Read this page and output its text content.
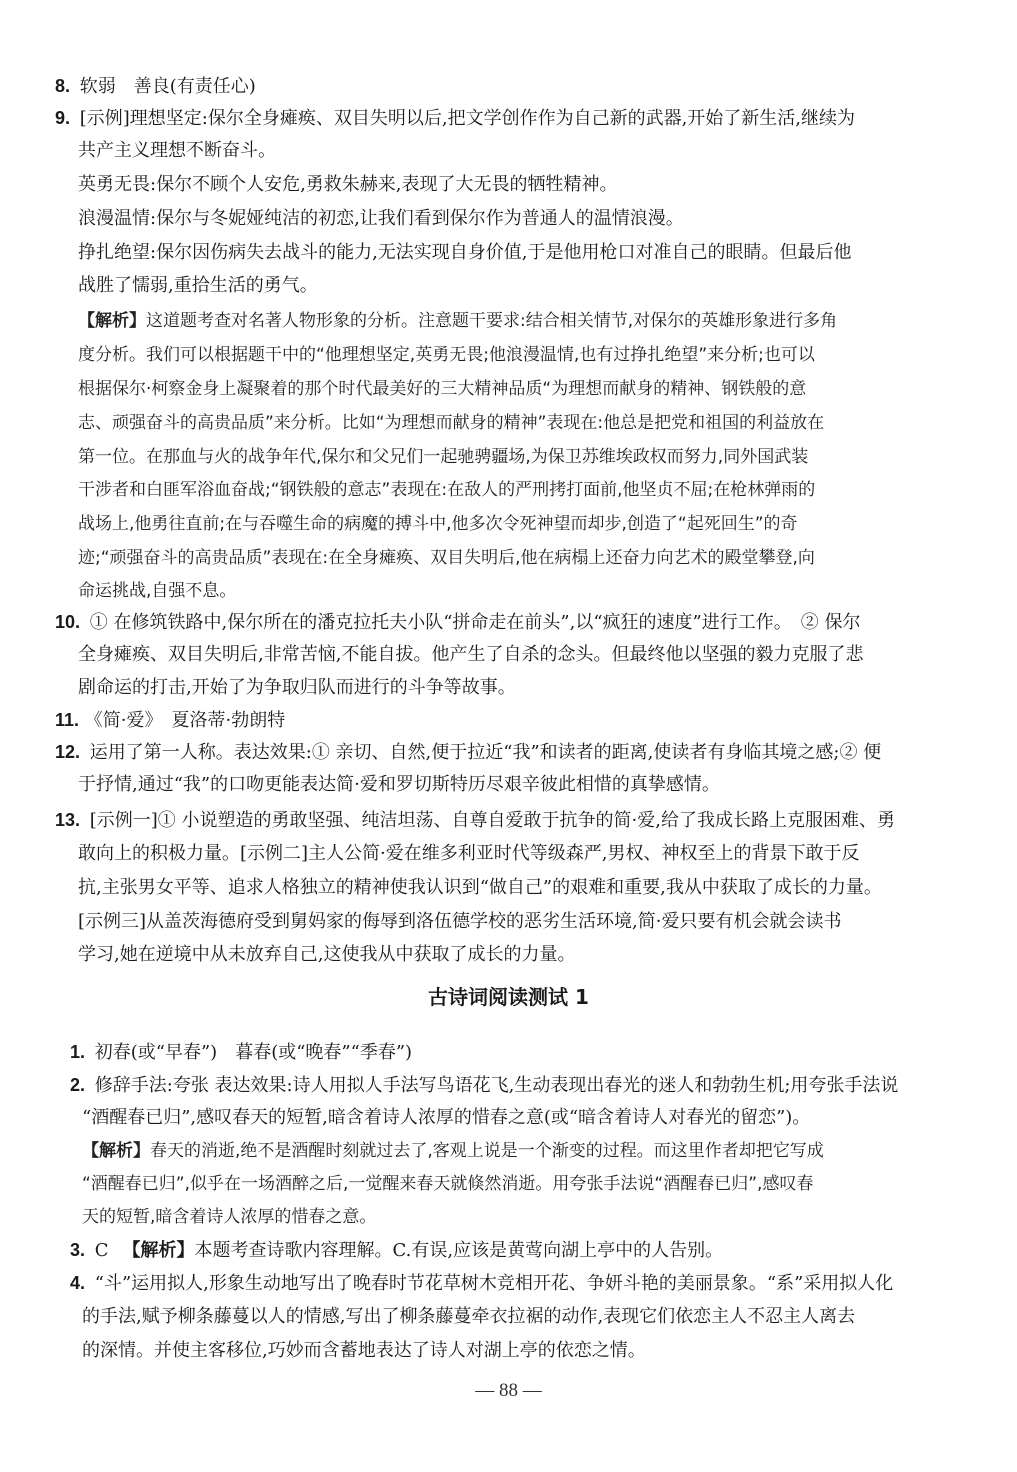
8. 软弱　善良(有责任心)
9. [示例]理想坚定:保尔全身瘫痪、双目失明以后,把文学创作作为自己新的武器,开始了新生活,继续为
共产主义理想不断奋斗。
英勇无畏:保尔不顾个人安危,勇救朱赫来,表现了大无畏的牺牲精神。
浪漫温情:保尔与冬妮娅纯洁的初恋,让我们看到保尔作为普通人的温情浪漫。
挣扎绝望:保尔因伤病失去战斗的能力,无法实现自身价值,于是他用枪口对准自己的眼睛。但最后他
战胜了懦弱,重拾生活的勇气。
【解析】这道题考查对名著人物形象的分析。注意题干要求:结合相关情节,对保尔的英雄形象进行多角
度分析。我们可以根据题干中的“他理想坚定,英勇无畏;他浪漫温情,也有过挣扎绝望”来分析;也可以
根据保尔·柯察金身上凝聚着的那个时代最美好的三大精神品质“为理想而献身的精神、钢铁般的意
志、顽强奋斗的高贵品质”来分析。比如“为理想而献身的精神”表现在:他总是把党和祖国的利益放在
第一位。在那血与火的战争年代,保尔和父兄们一起驰骋疆场,为保卫苏维埃政权而努力,同外国武装
干涉者和白匪军浴血奋战;“钢铁般的意志”表现在:在敌人的严刑拷打面前,他坚贞不屈;在枪林弹雨的
战场上,他勇往直前;在与吞噬生命的病魔的搏斗中,他多次令死神望而却步,创造了“起死回生”的奇
迹;“顽强奋斗的高贵品质”表现在:在全身瘫痪、双目失明后,他在病榻上还奋力向艺术的殿堂攀登,向
命运挑战,自强不息。
10. ① 在修筑铁路中,保尔所在的潘克拉托夫小队“拼命走在前头”,以“疯狂的速度”进行工作。　② 保尔
全身瘫痪、双目失明后,非常苦恼,不能自拔。他产生了自杀的念头。但最终他以坚强的毅力克服了悲
剧命运的打击,开始了为争取归队而进行的斗争等故事。
11. 《简·爱》　夏洛蒂·勃朗特
12. 运用了第一人称。表达效果:① 亲切、自然,便于拉近“我”和读者的距离,使读者有身临其境之感;② 便
于抒情,通过“我”的口吻更能表达简·爱和罗切斯特历尽艰辛彼此相惜的真挚感情。
13. [示例一]① 小说塑造的勇敢坚强、纯洁坦荡、自尊自爱敢于抗争的简·爱,给了我成长路上克服困难、勇
敢向上的积极力量。[示例二]主人公简·爱在维多利亚时代等级森严,男权、神权至上的背景下敢于反
抗,主张男女平等、追求人格独立的精神使我认识到“做自己”的艰难和重要,我从中获取了成长的力量。
[示例三]从盖茨海德府受到舅妈家的侮辱到洛伍德学校的恶劣生活环境,简·爱只要有机会就会读书
学习,她在逆境中从未放弃自己,这使我从中获取了成长的力量。
古诗词阅读测试 1
1. 初春(或“早春”)　暮春(或“晚春”“季春”)
2. 修辞手法:夸张 表达效果:诗人用拟人手法写鸟语花飞,生动表现出春光的迷人和勃勃生机;用夸张手法说
“酒醒春已归”,感叹春天的短暂,暗含着诗人浓厚的惜春之意(或“暗含着诗人对春光的留恋”)。
【解析】春天的消逝,绝不是酒醒时刻就过去了,客观上说是一个渐变的过程。而这里作者却把它写成
“酒醒春已归”,似乎在一场酒醉之后,一觉醒来春天就倏然消逝。用夸张手法说“酒醒春已归”,感叹春
天的短暂,暗含着诗人浓厚的惜春之意。
3. C 【解析】本题考查诗歌内容理解。C.有误,应该是黄莺向湖上亭中的人告别。
4. “斗”运用拟人,形象生动地写出了晚春时节花草树木竞相开花、争妍斗艳的美丽景象。“系”采用拟人化
的手法,赋予柳条藤蔓以人的情感,写出了柳条藤蔓牵衣拉裾的动作,表现它们依恋主人不忍主人离去
的深情。并使主客移位,巧妙而含蓄地表达了诗人对湖上亭的依恋之情。
— 88 —
